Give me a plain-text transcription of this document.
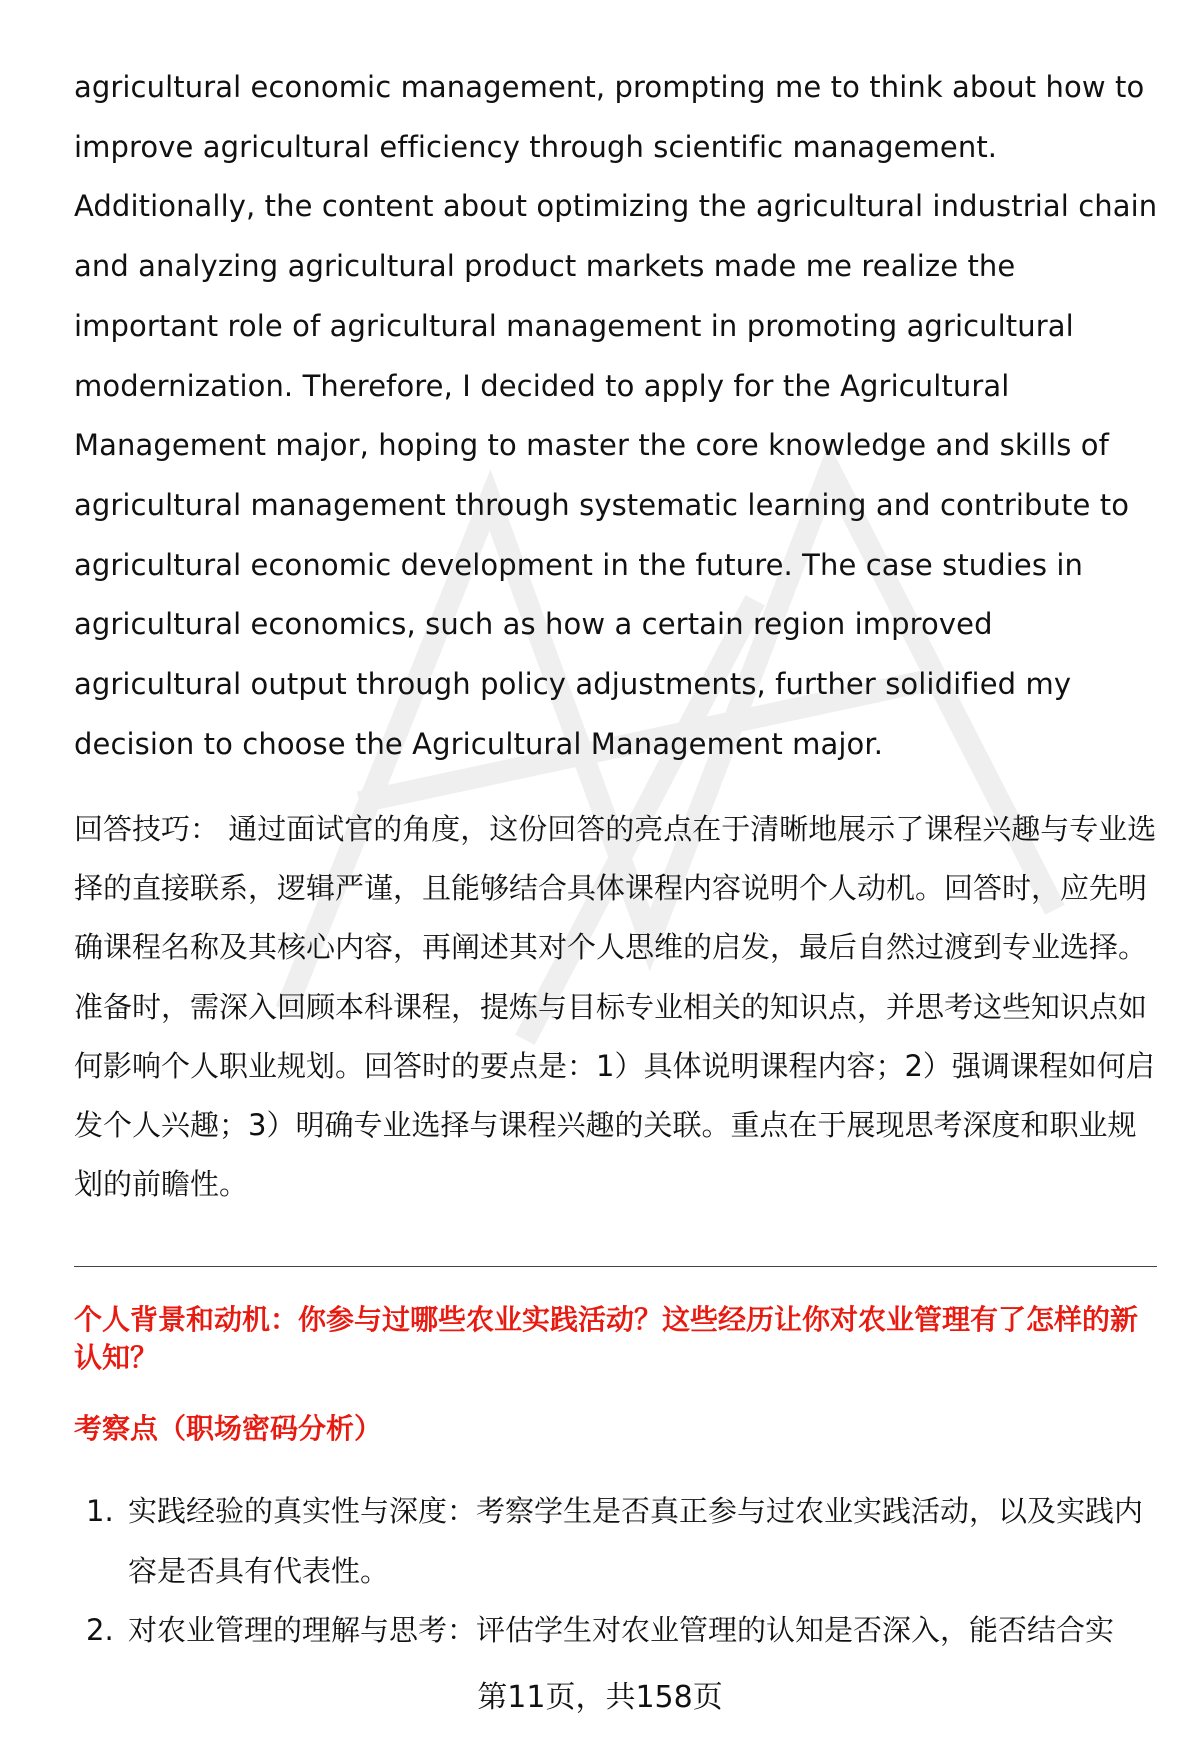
agricultural economic management, prompting me to think about how to improve agricultural efficiency through scientific management. Additionally, the content about optimizing the agricultural industrial chain and analyzing agricultural product markets made me realize the important role of agricultural management in promoting agricultural modernization. Therefore, I decided to apply for the Agricultural Management major, hoping to master the core knowledge and skills of agricultural management through systematic learning and contribute to agricultural economic development in the future. The case studies in agricultural economics, such as how a certain region improved agricultural output through policy adjustments, further solidified my decision to choose the Agricultural Management major.

回答技巧： 通过面试官的角度，这份回答的亮点在于清晰地展示了课程兴趣与专业选择的直接联系，逻辑严谨，且能够结合具体课程内容说明个人动机。回答时，应先明确课程名称及其核心内容，再阐述其对个人思维的启发，最后自然过渡到专业选择。准备时，需深入回顾本科课程，提炼与目标专业相关的知识点，并思考这些知识点如何影响个人职业规划。回答时的要点是：1）具体说明课程内容；2）强调课程如何启发个人兴趣；3）明确专业选择与课程兴趣的关联。重点在于展现思考深度和职业规划的前瞻性。

个人背景和动机：你参与过哪些农业实践活动？这些经历让你对农业管理有了怎样的新认知？
考察点（职场密码分析）
1. 实践经验的真实性与深度：考察学生是否真正参与过农业实践活动，以及实践内容是否具有代表性。
2. 对农业管理的理解与思考：评估学生对农业管理的认知是否深入，能否结合实
第11页，共158页
